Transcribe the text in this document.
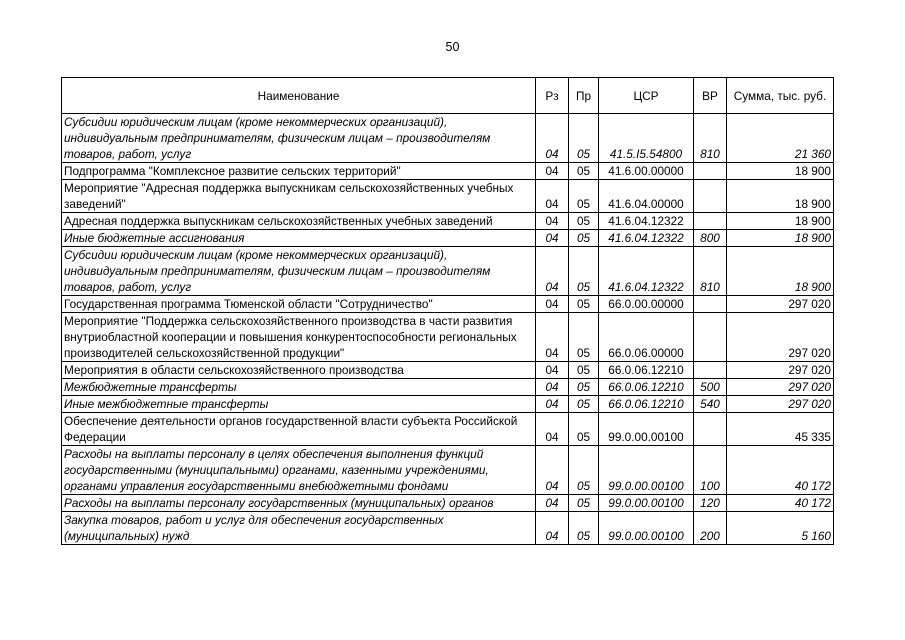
50
Наименование	Рз	Пр	ЦСР	ВР	Сумма, тыс. руб.
Субсидии юридическим лицам (кроме некоммерческих организаций), индивидуальным предпринимателям, физическим лицам – производителям товаров, работ, услуг	04	05	41.5.I5.54800	810	21 360
Подпрограмма "Комплексное развитие сельских территорий"	04	05	41.6.00.00000		18 900
Мероприятие "Адресная поддержка выпускникам сельскохозяйственных учебных заведений"	04	05	41.6.04.00000		18 900
Адресная поддержка выпускникам сельскохозяйственных учебных заведений	04	05	41.6.04.12322		18 900
Иные бюджетные ассигнования	04	05	41.6.04.12322	800	18 900
Субсидии юридическим лицам (кроме некоммерческих организаций), индивидуальным предпринимателям, физическим лицам – производителям товаров, работ, услуг	04	05	41.6.04.12322	810	18 900
Государственная программа Тюменской области "Сотрудничество"	04	05	66.0.00.00000		297 020
Мероприятие "Поддержка сельскохозяйственного производства в части развития внутриобластной кооперации и повышения конкурентоспособности региональных производителей сельскохозяйственной продукции"	04	05	66.0.06.00000		297 020
Мероприятия в области сельскохозяйственного производства	04	05	66.0.06.12210		297 020
Межбюджетные трансферты	04	05	66.0.06.12210	500	297 020
Иные межбюджетные трансферты	04	05	66.0.06.12210	540	297 020
Обеспечение деятельности органов государственной власти субъекта Российской Федерации	04	05	99.0.00.00100		45 335
Расходы на выплаты персоналу в целях обеспечения выполнения функций государственными (муниципальными) органами, казенными учреждениями, органами управления государственными внебюджетными фондами	04	05	99.0.00.00100	100	40 172
Расходы на выплаты персоналу государственных (муниципальных) органов	04	05	99.0.00.00100	120	40 172
Закупка товаров, работ и услуг для обеспечения государственных (муниципальных) нужд	04	05	99.0.00.00100	200	5 160
